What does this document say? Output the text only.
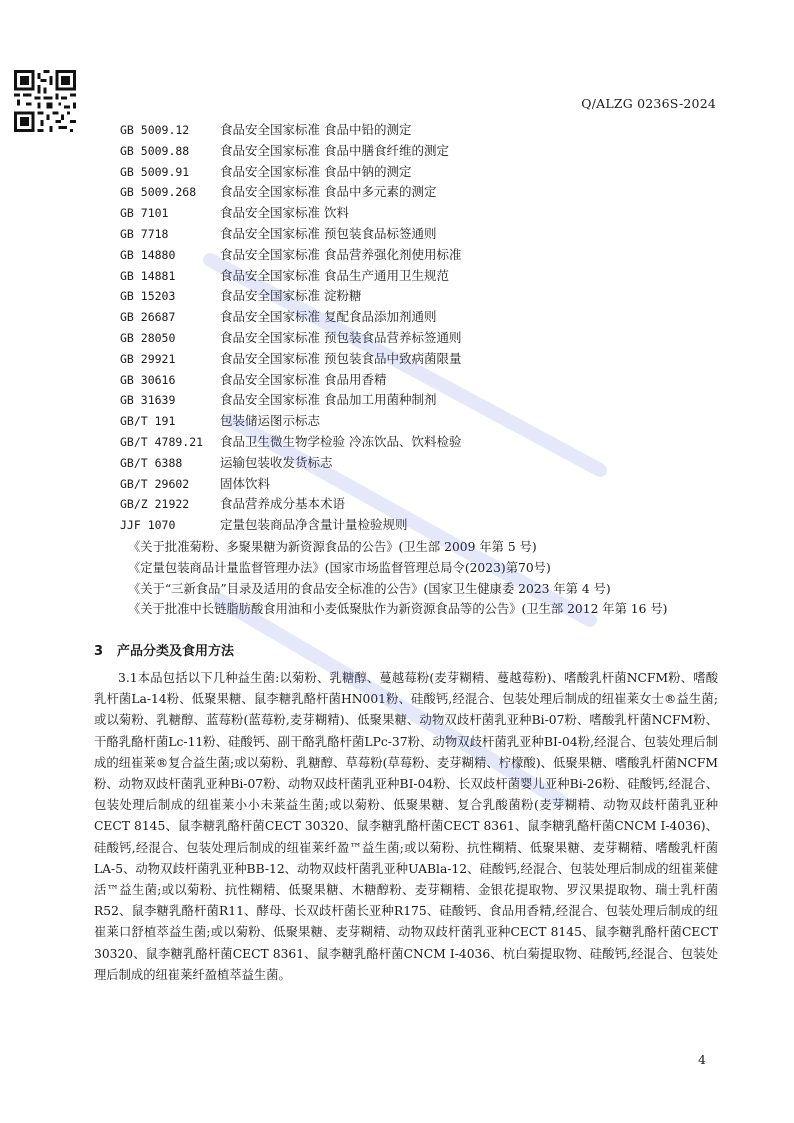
Q/ALZG 0236S-2024
GB 5009.12 食品安全国家标准 食品中铅的测定
GB 5009.88 食品安全国家标准 食品中膳食纤维的测定
GB 5009.91 食品安全国家标准 食品中钠的测定
GB 5009.268 食品安全国家标准 食品中多元素的测定
GB 7101	食品安全国家标准 饮料
GB 7718	食品安全国家标准 预包装食品标签通则
GB 14880	食品安全国家标准 食品营养强化剂使用标准
GB 14881	食品安全国家标准 食品生产通用卫生规范
GB 15203	食品安全国家标准 淀粉糖
GB 26687	食品安全国家标准 复配食品添加剂通则
GB 28050	食品安全国家标准 预包装食品营养标签通则
GB 29921	食品安全国家标准 预包装食品中致病菌限量
GB 30616	食品安全国家标准 食品用香精
GB 31639	食品安全国家标准 食品加工用菌种制剂
GB/T 191	包装储运图示标志
GB/T 4789.21 食品卫生微生物学检验 冷冻饮品、饮料检验
GB/T 6388	运输包装收发货标志
GB/T 29602 固体饮料
GB/Z 21922 食品营养成分基本术语
JJF 1070	定量包装商品净含量计量检验规则
《关于批准菊粉、多聚果糖为新资源食品的公告》(卫生部 2009 年第 5 号)
《定量包装商品计量监督管理办法》(国家市场监督管理总局令(2023)第70号)
《关于“三新食品”目录及适用的食品安全标准的公告》(国家卫生健康委 2023 年第 4 号)
《关于批准中长链脂肪酸食用油和小麦低聚肽作为新资源食品等的公告》(卫生部 2012 年第 16 号)
3 产品分类及食用方法
3.1本品包括以下几种益生菌:以菊粉、乳糖醇、蔓越莓粉(麦芽糊精、蔓越莓粉)、嗜酸乳杆菌NCFM粉、嗜酸乳杆菌La-14粉、低聚果糖、鼠李糖乳酪杆菌HN001粉、硅酸钙,经混合、包装处理后制成的纽崔莱女士®益生菌;或以菊粉、乳糖醇、蓝莓粉(蓝莓粉,麦芽糊精)、低聚果糖、动物双歧杆菌乳亚种Bi-07粉、嗜酸乳杆菌NCFM粉、干酪乳酪杆菌Lc-11粉、硅酸钙、副干酪乳酪杆菌LPc-37粉、动物双歧杆菌乳亚种BI-04粉,经混合、包装处理后制成的纽崔莱®复合益生菌;或以菊粉、乳糖醇、草莓粉(草莓粉、麦芽糊精、柠檬酸)、低聚果糖、嗜酸乳杆菌NCFM粉、动物双歧杆菌乳亚种Bi-07粉、动物双歧杆菌乳亚种BI-04粉、长双歧杆菌婴儿亚种Bi-26粉、硅酸钙,经混合、包装处理后制成的纽崔莱小小未莱益生菌;或以菊粉、低聚果糖、复合乳酸菌粉(麦芽糊精、动物双歧杆菌乳亚种CECT 8145、鼠李糖乳酪杆菌CECT 30320、鼠李糖乳酪杆菌CECT 8361、鼠李糖乳酪杆菌CNCM I-4036)、硅酸钙,经混合、包装处理后制成的纽崔莱纤盈™益生菌;或以菊粉、抗性糊精、低聚果糖、麦芽糊精、嗜酸乳杆菌LA-5、动物双歧杆菌乳亚种BB-12、动物双歧杆菌乳亚种UABla-12、硅酸钙,经混合、包装处理后制成的纽崔莱健活™益生菌;或以菊粉、抗性糊精、低聚果糖、木糖醇粉、麦芽糊精、金银花提取物、罗汉果提取物、瑞士乳杆菌R52、鼠李糖乳酪杆菌R11、酵母、长双歧杆菌长亚种R175、硅酸钙、食品用香精,经混合、包装处理后制成的纽崔莱口舒植萃益生菌;或以菊粉、低聚果糖、麦芽糊精、动物双歧杆菌乳亚种CECT 8145、鼠李糖乳酪杆菌CECT 30320、鼠李糖乳酪杆菌CECT 8361、鼠李糖乳酪杆菌CNCM I-4036、杭白菊提取物、硅酸钙,经混合、包装处理后制成的纽崔莱纤盈植萃益生菌。
4
